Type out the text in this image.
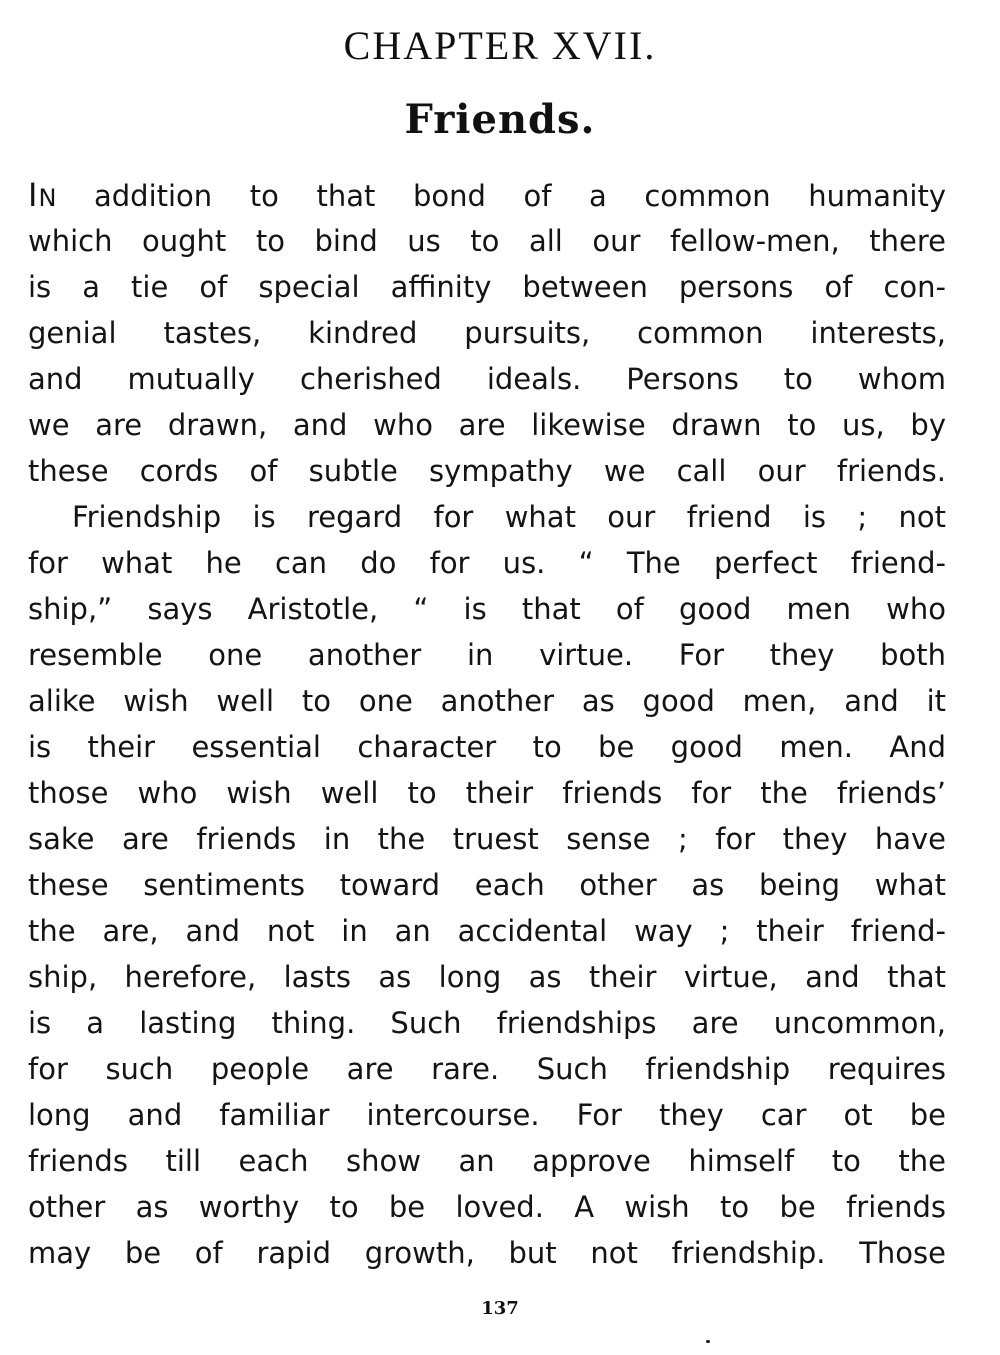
CHAPTER XVII.
Friends.
IN addition to that bond of a common humanity
which ought to bind us to all our fellow-men, there
is a tie of special affinity between persons of con-
genial tastes, kindred pursuits, common interests,
and mutually cherished ideals. Persons to whom
we are drawn, and who are likewise drawn to us, by
these cords of subtle sympathy we call our friends.
Friendship is regard for what our friend is ; not
for what he can do for us. “ The perfect friend-
ship,” says Aristotle, “ is that of good men who
resemble one another in virtue. For they both
alike wish well to one another as good men, and it
is their essential character to be good men. And
those who wish well to their friends for the friends’
sake are friends in the truest sense ; for they have
these sentiments toward each other as being what
the are, and not in an accidental way ; their friend-
ship, herefore, lasts as long as their virtue, and that
is a lasting thing. Such friendships are uncommon,
for such people are rare. Such friendship requires
long and familiar intercourse. For they car ot be
friends till each show an approve himself to the
other as worthy to be loved. A wish to be friends
may be of rapid growth, but not friendship. Those
137
